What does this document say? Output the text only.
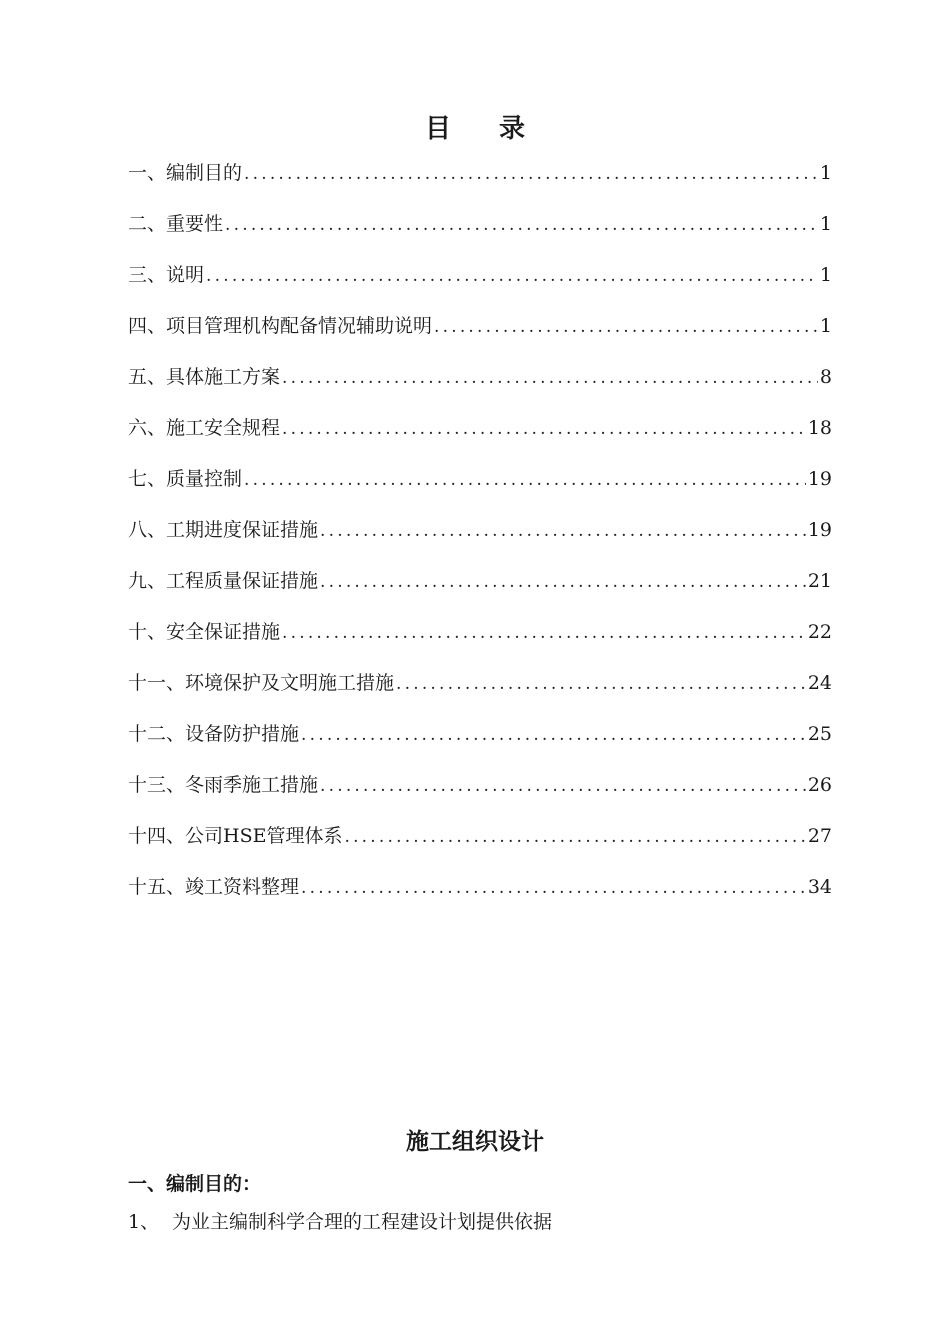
目 录
一、编制目的 .....	1
二、重要性 .....	1
三、说明 .....	1
四、项目管理机构配备情况辅助说明 .....	1
五、具体施工方案 .....	8
六、施工安全规程 .....	18
七、质量控制 .....	19
八、工期进度保证措施 .....	19
九、工程质量保证措施 .....	21
十、安全保证措施 .....	22
十一、环境保护及文明施工措施 .....	24
十二、设备防护措施 .....	25
十三、冬雨季施工措施 .....	26
十四、公司HSE管理体系 .....	27
十五、竣工资料整理 .....	34
施工组织设计
一、编制目的：
1、 为业主编制科学合理的工程建设计划提供依据
